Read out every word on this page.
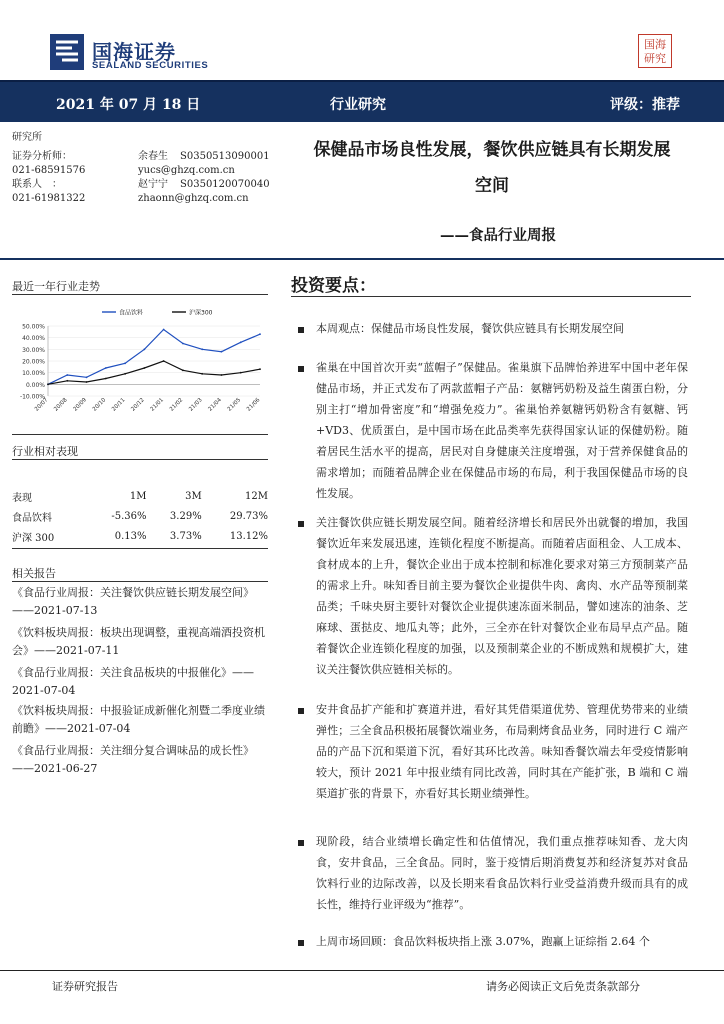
国海证券
SEALAND SECURITIES
国海
研究
2021 年 07 月 18 日	行业研究	评级：推荐
研究所
证券分析师：	余春生 S0350513090001
021-68591576	yucs@ghzq.com.cn
联系人　：	赵宁宁 S0350120070040
021-61981322	zhaonn@ghzq.com.cn
保健品市场良性发展，餐饮供应链具有长期发展
空间
——食品行业周报
最近一年行业走势
-10.00%
0.00%
10.00%
20.00%
30.00%
40.00%
50.00%
20/07 20/08 20/09 20/10 20/11 20/12 21/01 21/02 21/03 21/04 21/05 21/06
食品饮料	沪深300
行业相对表现
表现	1M	3M	12M
食品饮料	-5.36%	3.29%	29.73%
沪深 300	0.13%	3.73%	13.12%
相关报告
《食品行业周报：关注餐饮供应链长期发展空间》——2021-07-13
《饮料板块周报：板块出现调整，重视高端酒投资机会》——2021-07-11
《食品行业周报：关注食品板块的中报催化》——2021-07-04
《饮料板块周报：中报验证成新催化剂暨二季度业绩前瞻》——2021-07-04
《食品行业周报：关注细分复合调味品的成长性》——2021-06-27
投资要点：
本周观点：保健品市场良性发展，餐饮供应链具有长期发展空间
雀巢在中国首次开卖“蓝帽子”保健品。雀巢旗下品牌怡养进军中国中老年保健品市场，并正式发布了两款蓝帽子产品：氨糖钙奶粉及益生菌蛋白粉，分别主打“增加骨密度”和“增强免疫力”。雀巢怡养氨糖钙奶粉含有氨糖、钙+VD3、优质蛋白，是中国市场在此品类率先获得国家认证的保健奶粉。随着居民生活水平的提高，居民对自身健康关注度增强，对于营养保健食品的需求增加；而随着品牌企业在保健品市场的布局，利于我国保健品市场的良性发展。
关注餐饮供应链长期发展空间。随着经济增长和居民外出就餐的增加，我国餐饮近年来发展迅速，连锁化程度不断提高。而随着店面租金、人工成本、食材成本的上升，餐饮企业出于成本控制和标准化要求对第三方预制菜产品的需求上升。味知香目前主要为餐饮企业提供牛肉、禽肉、水产品等预制菜品类；千味央厨主要针对餐饮企业提供速冻面米制品，譬如速冻的油条、芝麻球、蛋挞皮、地瓜丸等；此外，三全亦在针对餐饮企业布局早点产品。随着餐饮企业连锁化程度的加强，以及预制菜企业的不断成熟和规模扩大，建议关注餐饮供应链相关标的。
安井食品扩产能和扩赛道并进，看好其凭借渠道优势、管理优势带来的业绩弹性；三全食品积极拓展餐饮端业务，布局剩烤食品业务，同时进行 C 端产品的产品下沉和渠道下沉，看好其环比改善。味知香餐饮端去年受疫情影响较大，预计 2021 年中报业绩有同比改善，同时其在产能扩张，B 端和 C 端渠道扩张的背景下，亦看好其长期业绩弹性。
现阶段，结合业绩增长确定性和估值情况，我们重点推荐味知香、龙大肉食，安井食品，三全食品。同时，鉴于疫情后期消费复苏和经济复苏对食品饮料行业的边际改善，以及长期来看食品饮料行业受益消费升级而具有的成长性，维持行业评级为“推荐”。
上周市场回顾：食品饮料板块指上涨 3.07%，跑赢上证综指 2.64 个
证券研究报告	请务必阅读正文后免责条款部分
